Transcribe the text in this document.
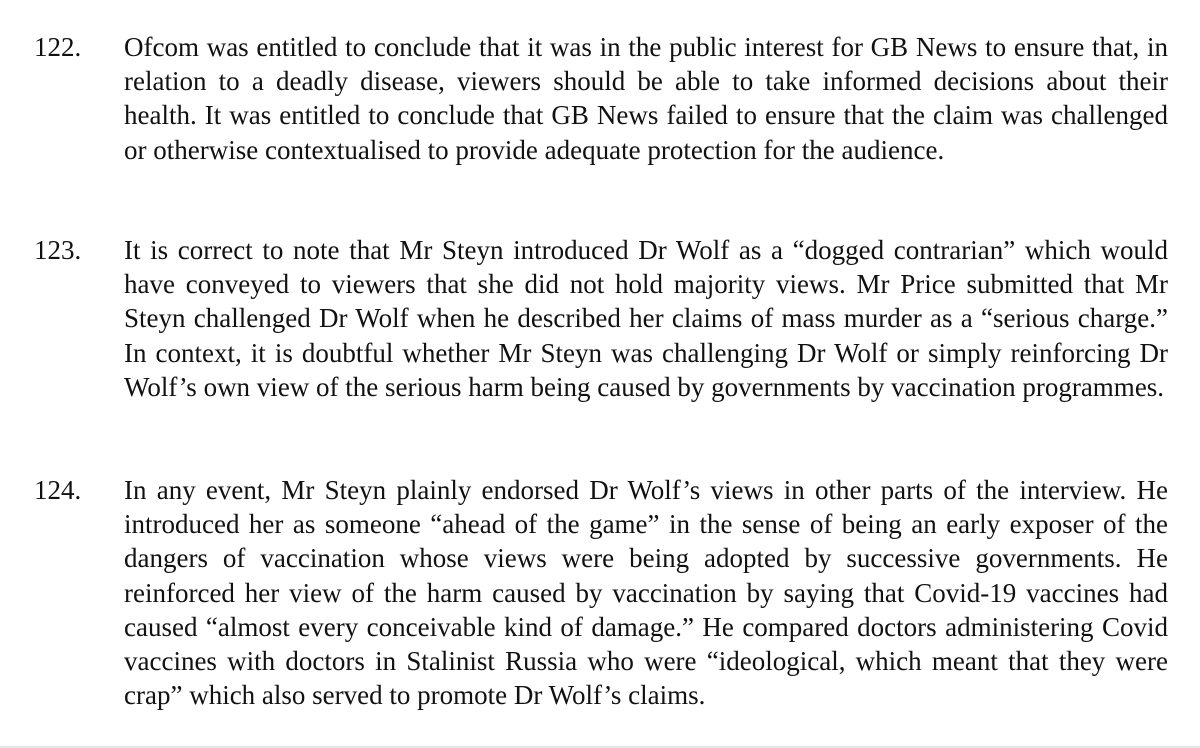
122. Ofcom was entitled to conclude that it was in the public interest for GB News to ensure that, in relation to a deadly disease, viewers should be able to take informed decisions about their health. It was entitled to conclude that GB News failed to ensure that the claim was challenged or otherwise contextualised to provide adequate protection for the audience.

123. It is correct to note that Mr Steyn introduced Dr Wolf as a “dogged contrarian” which would have conveyed to viewers that she did not hold majority views. Mr Price submitted that Mr Steyn challenged Dr Wolf when he described her claims of mass murder as a “serious charge.” In context, it is doubtful whether Mr Steyn was challenging Dr Wolf or simply reinforcing Dr Wolf’s own view of the serious harm being caused by governments by vaccination programmes.

124. In any event, Mr Steyn plainly endorsed Dr Wolf’s views in other parts of the interview. He introduced her as someone “ahead of the game” in the sense of being an early exposer of the dangers of vaccination whose views were being adopted by successive governments. He reinforced her view of the harm caused by vaccination by saying that Covid-19 vaccines had caused “almost every conceivable kind of damage.” He compared doctors administering Covid vaccines with doctors in Stalinist Russia who were “ideological, which meant that they were crap” which also served to promote Dr Wolf’s claims.
